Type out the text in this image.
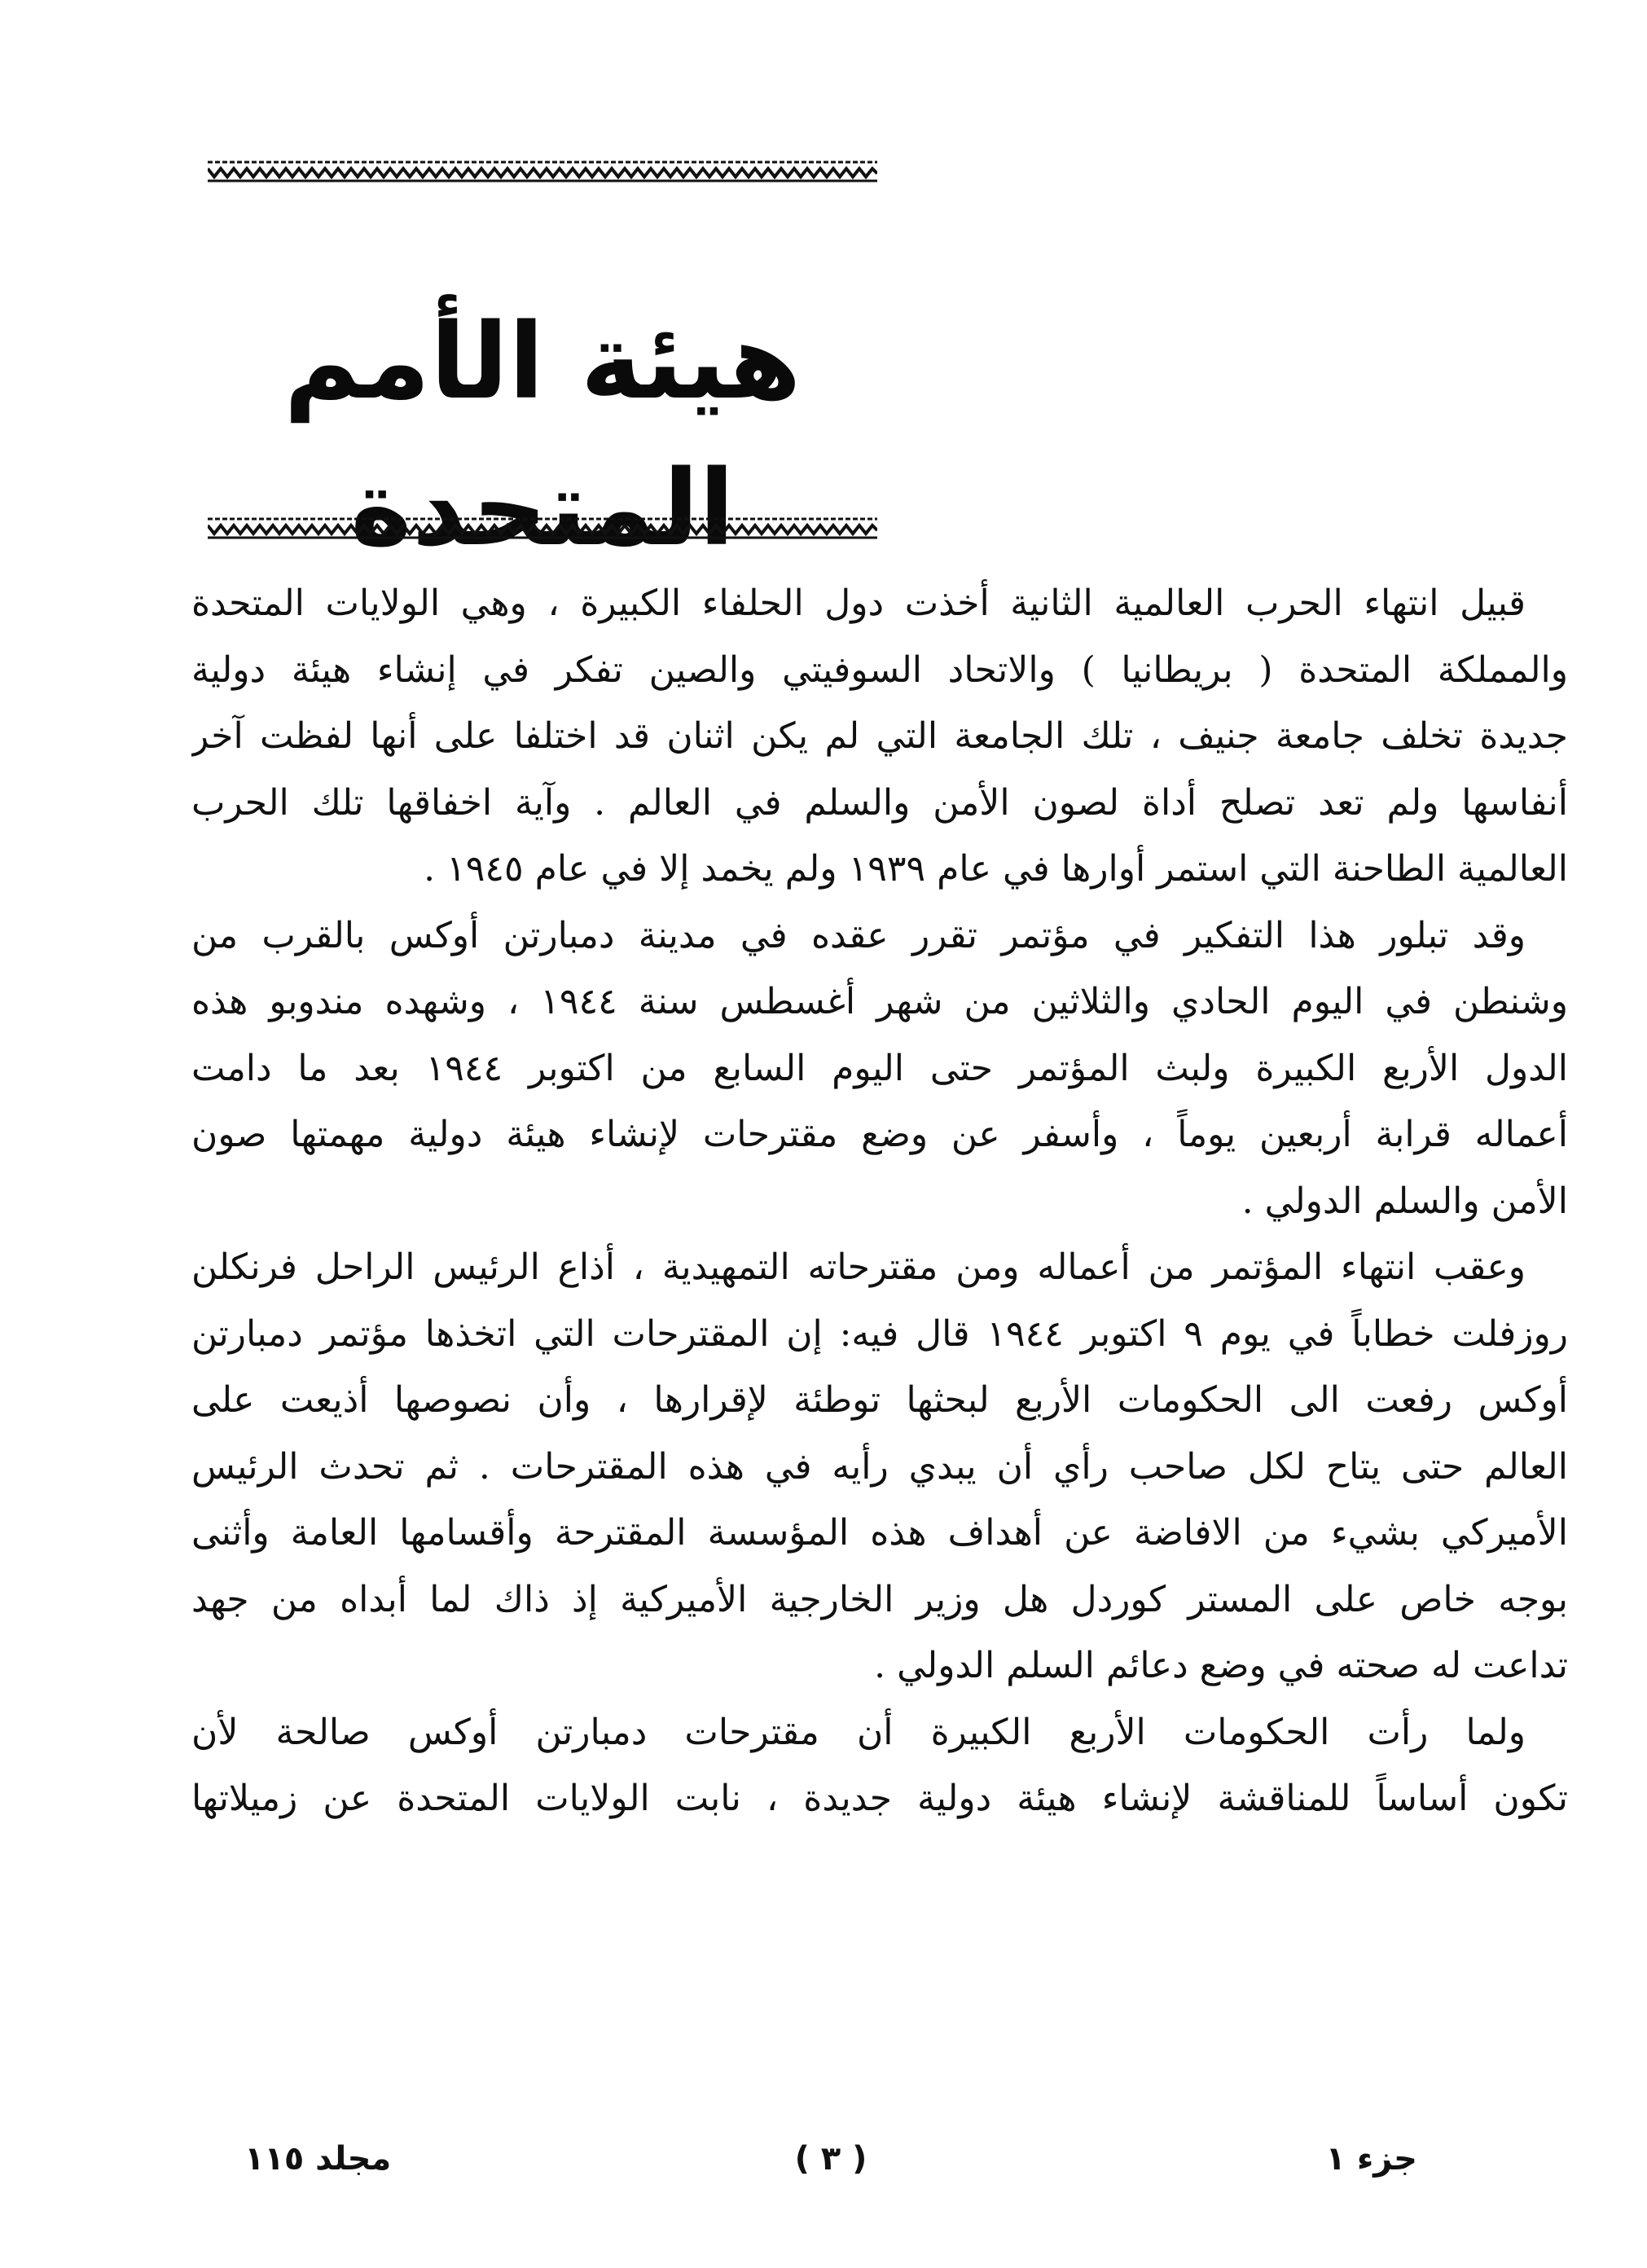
هيئة الأمم المتحدة
قبيل انتهاء الحرب العالمية الثانية أخذت دول الحلفاء الكبيرة ، وهي الولايات المتحدة
والمملكة المتحدة ( بريطانيا ) والاتحاد السوفيتي والصين تفكر في إنشاء هيئة دولية
جديدة تخلف جامعة جنيف ، تلك الجامعة التي لم يكن اثنان قد اختلفا على أنها لفظت آخر
أنفاسها ولم تعد تصلح أداة لصون الأمن والسلم في العالم . وآية اخفاقها تلك الحرب
العالمية الطاحنة التي استمر أوارها في عام ١٩٣٩ ولم يخمد إلا في عام ١٩٤٥ .
وقد تبلور هذا التفكير في مؤتمر تقرر عقده في مدينة دمبارتن أوكس بالقرب من
وشنطن في اليوم الحادي والثلاثين من شهر أغسطس سنة ١٩٤٤ ، وشهده مندوبو هذه
الدول الأربع الكبيرة ولبث المؤتمر حتى اليوم السابع من اكتوبر ١٩٤٤ بعد ما دامت
أعماله قرابة أربعين يوماً ، وأسفر عن وضع مقترحات لإنشاء هيئة دولية مهمتها صون
الأمن والسلم الدولي .
وعقب انتهاء المؤتمر من أعماله ومن مقترحاته التمهيدية ، أذاع الرئيس الراحل فرنكلن
روزفلت خطاباً في يوم ٩ اكتوبر ١٩٤٤ قال فيه: إن المقترحات التي اتخذها مؤتمر دمبارتن
أوكس رفعت الى الحكومات الأربع لبحثها توطئة لإقرارها ، وأن نصوصها أذيعت على
العالم حتى يتاح لكل صاحب رأي أن يبدي رأيه في هذه المقترحات . ثم تحدث الرئيس
الأميركي بشيء من الافاضة عن أهداف هذه المؤسسة المقترحة وأقسامها العامة وأثنى
بوجه خاص على المستر كوردل هل وزير الخارجية الأميركية إذ ذاك لما أبداه من جهد
تداعت له صحته في وضع دعائم السلم الدولي .
ولما رأت الحكومات الأربع الكبيرة أن مقترحات دمبارتن أوكس صالحة لأن
تكون أساساً للمناقشة لإنشاء هيئة دولية جديدة ، نابت الولايات المتحدة عن زميلاتها
جزء ١
( ٣ )
مجلد ١١٥
